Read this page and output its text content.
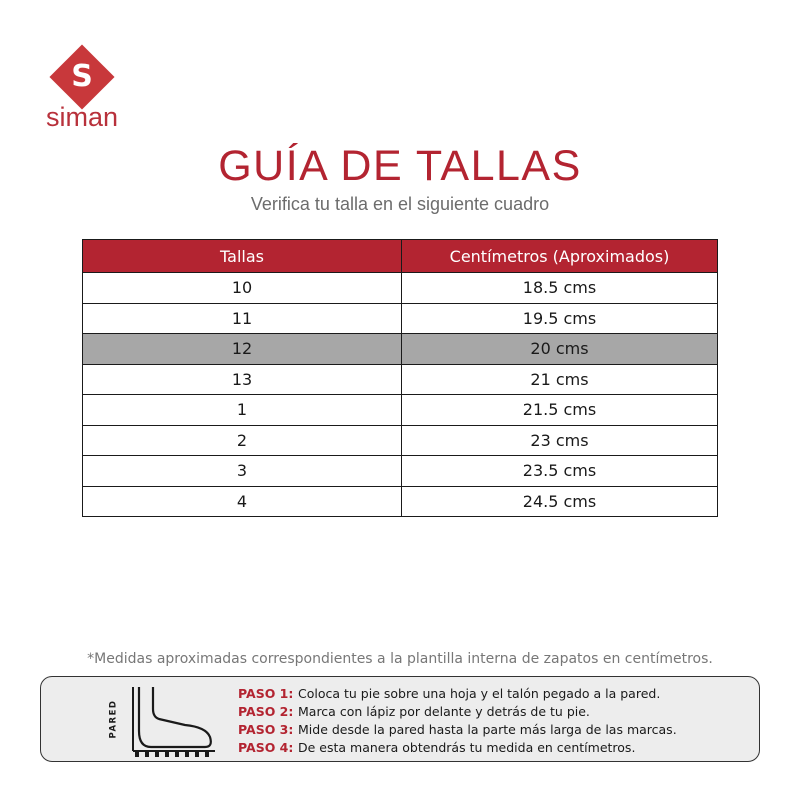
S
siman
GUÍA DE TALLAS
Verifica tu talla en el siguiente cuadro
Tallas	Centímetros (Aproximados)
10	18.5 cms
11	19.5 cms
12	20 cms
13	21 cms
1	21.5 cms
2	23 cms
3	23.5 cms
4	24.5 cms
*Medidas aproximadas correspondientes a la plantilla interna de zapatos en centímetros.
PARED
PASO 1: Coloca tu pie sobre una hoja y el talón pegado a la pared.
PASO 2: Marca con lápiz por delante y detrás de tu pie.
PASO 3: Mide desde la pared hasta la parte más larga de las marcas.
PASO 4: De esta manera obtendrás tu medida en centímetros.
